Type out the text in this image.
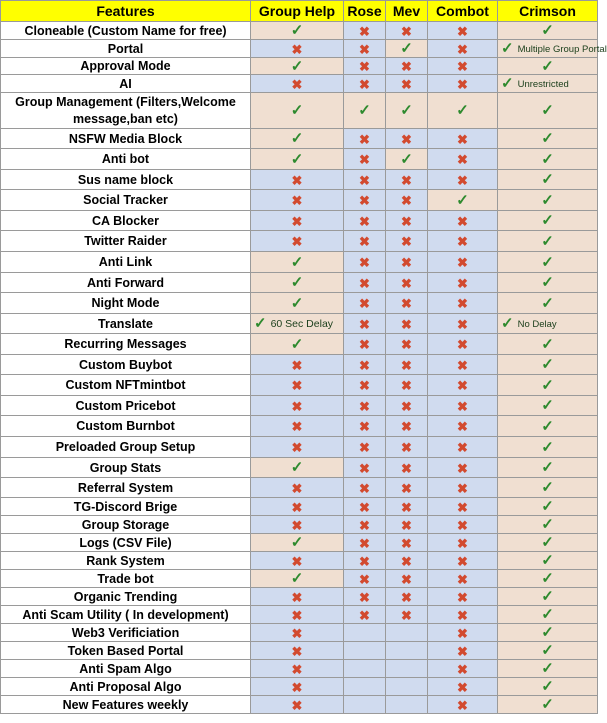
Features	Group Help	Rose	Mev	Combot	Crimson
Cloneable (Custom Name for free)	✓	✖	✖	✖	✓
Portal	✖	✖	✓	✖	✓ Multiple Group Portal
Approval Mode	✓	✖	✖	✖	✓
AI	✖	✖	✖	✖	✓ Unrestricted
Group Management (Filters,Welcome message,ban etc)	✓	✓	✓	✓	✓
NSFW Media Block	✓	✖	✖	✖	✓
Anti bot	✓	✖	✓	✖	✓
Sus name block	✖	✖	✖	✖	✓
Social Tracker	✖	✖	✖	✓	✓
CA Blocker	✖	✖	✖	✖	✓
Twitter Raider	✖	✖	✖	✖	✓
Anti Link	✓	✖	✖	✖	✓
Anti Forward	✓	✖	✖	✖	✓
Night Mode	✓	✖	✖	✖	✓
Translate	✓ 60 Sec Delay	✖	✖	✖	✓ No Delay
Recurring Messages	✓	✖	✖	✖	✓
Custom Buybot	✖	✖	✖	✖	✓
Custom NFTmintbot	✖	✖	✖	✖	✓
Custom Pricebot	✖	✖	✖	✖	✓
Custom Burnbot	✖	✖	✖	✖	✓
Preloaded Group Setup	✖	✖	✖	✖	✓
Group Stats	✓	✖	✖	✖	✓
Referral System	✖	✖	✖	✖	✓
TG-Discord Brige	✖	✖	✖	✖	✓
Group Storage	✖	✖	✖	✖	✓
Logs (CSV File)	✓	✖	✖	✖	✓
Rank System	✖	✖	✖	✖	✓
Trade bot	✓	✖	✖	✖	✓
Organic Trending	✖	✖	✖	✖	✓
Anti Scam Utility ( In development)	✖	✖	✖	✖	✓
Web3 Verificiation	✖			✖	✓
Token Based Portal	✖			✖	✓
Anti Spam Algo	✖			✖	✓
Anti Proposal Algo	✖			✖	✓
New Features weekly	✖			✖	✓
